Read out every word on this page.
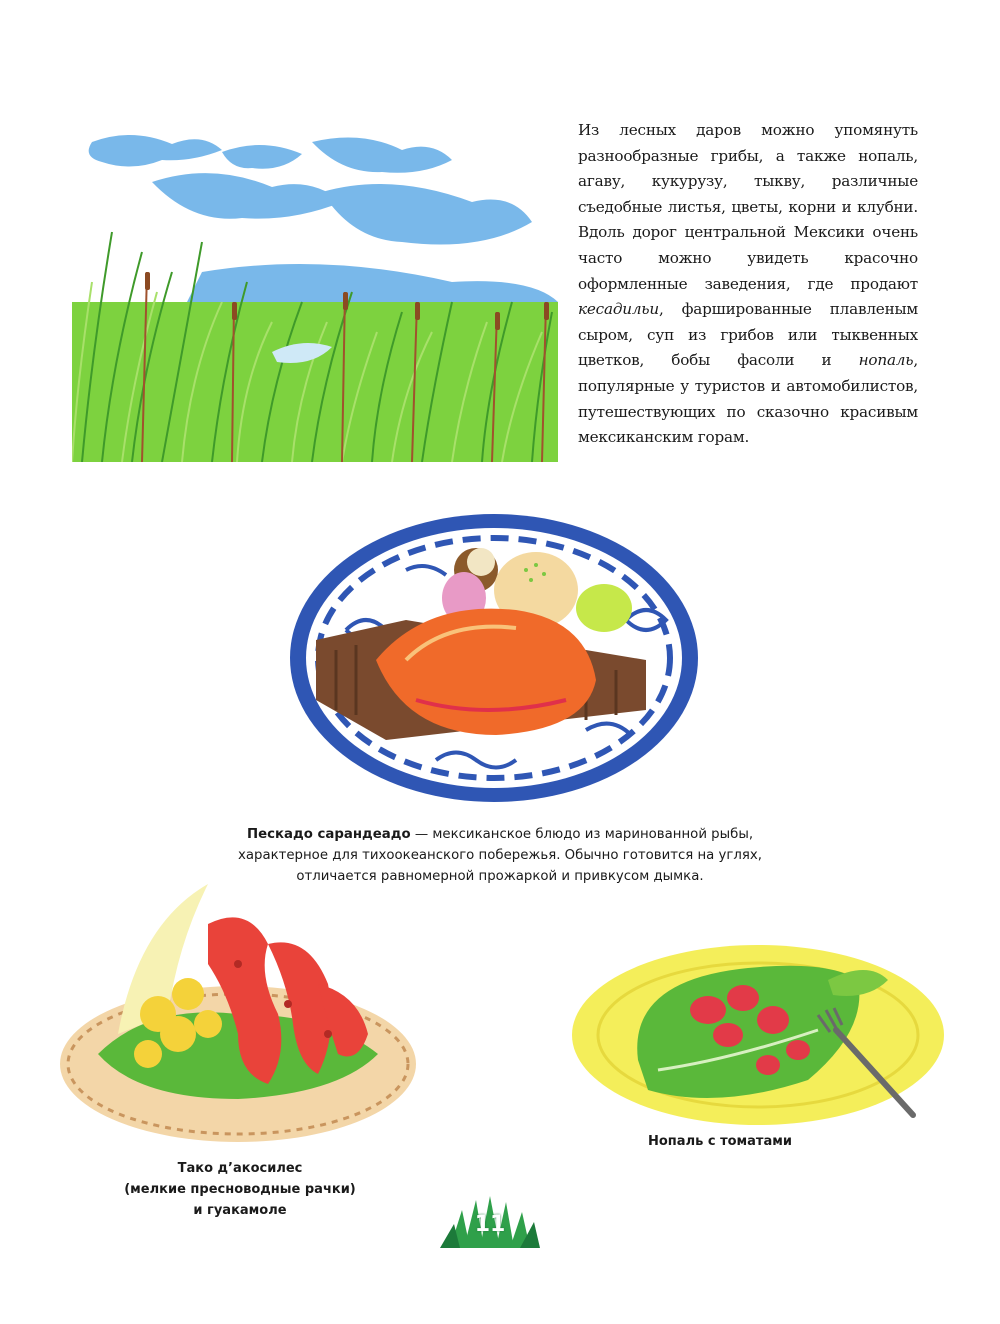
Из лесных даров можно упомянуть разнообразные грибы, а также нопаль, агаву, кукурузу, тыкву, различные съедобные листья, цветы, корни и клубни. Вдоль дорог центральной Мексики очень часто можно увидеть красочно оформленные заведения, где продают кесадильи, фаршированные плавленым сыром, суп из грибов или тыквенных цветков, бобы фасоли и нопаль, популярные у туристов и автомобилистов, путешествующих по сказочно красивым мексиканским горам.

Пескадо сарандеадо — мексиканское блюдо из маринованной рыбы, характерное для тихоокеанского побережья. Обычно готовится на углях, отличается равномерной прожаркой и привкусом дымка.
Тако д’акосилес
(мелкие пресноводные рачки)
и гуакамоле
Нопаль с томатами
11
